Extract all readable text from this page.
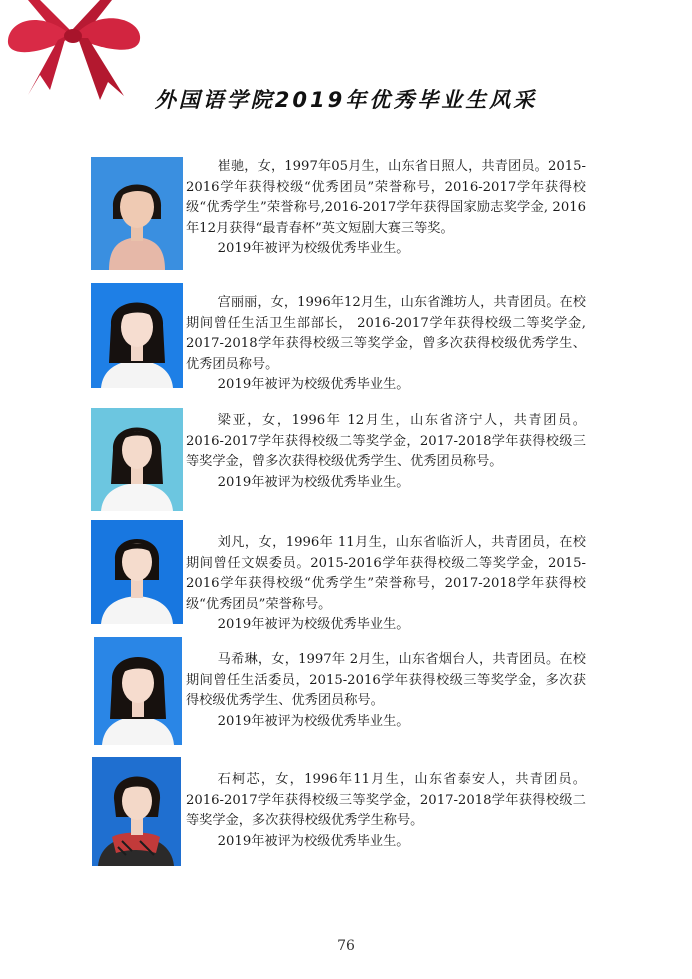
外国语学院2019年优秀毕业生风采

崔驰，女，1997年05月生，山东省日照人，共青团员。2015-2016学年获得校级“优秀团员”荣誉称号，2016-2017学年获得校级“优秀学生”荣誉称号,2016-2017学年获得国家励志奖学金, 2016年12月获得“最青春杯”英文短剧大赛三等奖。

2019年被评为校级优秀毕业生。

宫丽丽，女，1996年12月生，山东省潍坊人，共青团员。在校期间曾任生活卫生部部长， 2016-2017学年获得校级二等奖学金, 2017-2018学年获得校级三等奖学金，曾多次获得校级优秀学生、优秀团员称号。

2019年被评为校级优秀毕业生。

梁亚，女，1996年 12月生，山东省济宁人，共青团员。2016-2017学年获得校级二等奖学金，2017-2018学年获得校级三等奖学金，曾多次获得校级优秀学生、优秀团员称号。

2019年被评为校级优秀毕业生。

刘凡，女，1996年 11月生，山东省临沂人，共青团员，在校期间曾任文娱委员。2015-2016学年获得校级二等奖学金，2015-2016学年获得校级“优秀学生”荣誉称号，2017-2018学年获得校级“优秀团员”荣誉称号。

2019年被评为校级优秀毕业生。

马希琳，女，1997年 2月生，山东省烟台人，共青团员。在校期间曾任生活委员，2015-2016学年获得校级三等奖学金，多次获得校级优秀学生、优秀团员称号。

2019年被评为校级优秀毕业生。

石柯芯，女，1996年11月生，山东省泰安人，共青团员。2016-2017学年获得校级三等奖学金，2017-2018学年获得校级二等奖学金，多次获得校级优秀学生称号。

2019年被评为校级优秀毕业生。

76
